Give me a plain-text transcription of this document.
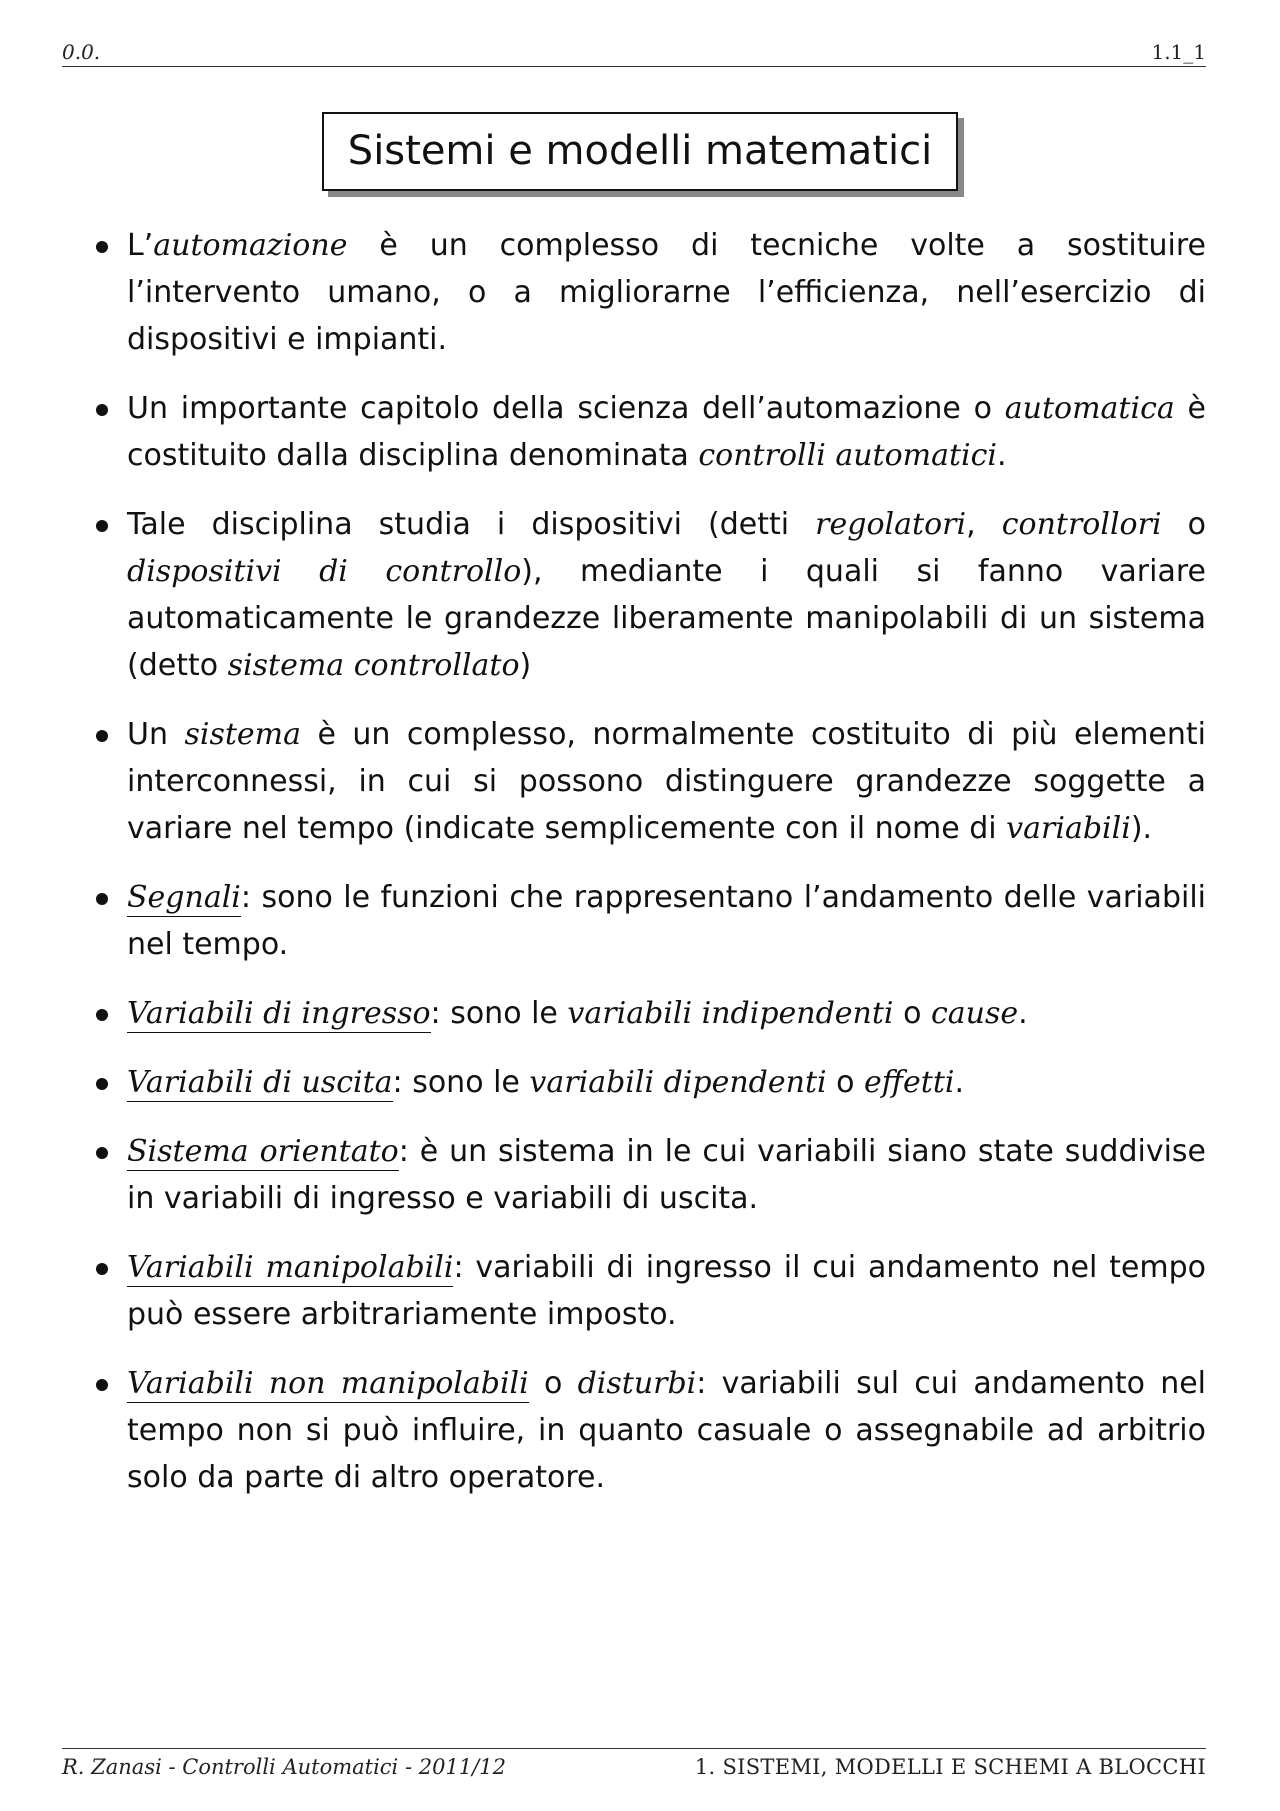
0.0.	1.1_1
Sistemi e modelli matematici
L’automazione è un complesso di tecniche volte a sostituire l’intervento umano, o a migliorarne l’efficienza, nell’esercizio di dispositivi e impianti.
Un importante capitolo della scienza dell’automazione o automatica è costituito dalla disciplina denominata controlli automatici.
Tale disciplina studia i dispositivi (detti regolatori, controllori o dispositivi di controllo), mediante i quali si fanno variare automaticamente le grandezze liberamente manipolabili di un sistema (detto sistema controllato)
Un sistema è un complesso, normalmente costituito di più elementi interconnessi, in cui si possono distinguere grandezze soggette a variare nel tempo (indicate semplicemente con il nome di variabili).
Segnali: sono le funzioni che rappresentano l’andamento delle variabili nel tempo.
Variabili di ingresso: sono le variabili indipendenti o cause.
Variabili di uscita: sono le variabili dipendenti o effetti.
Sistema orientato: è un sistema in le cui variabili siano state suddivise in variabili di ingresso e variabili di uscita.
Variabili manipolabili: variabili di ingresso il cui andamento nel tempo può essere arbitrariamente imposto.
Variabili non manipolabili o disturbi: variabili sul cui andamento nel tempo non si può influire, in quanto casuale o assegnabile ad arbitrio solo da parte di altro operatore.
R. Zanasi - Controlli Automatici - 2011/12	1. SISTEMI, MODELLI E SCHEMI A BLOCCHI
